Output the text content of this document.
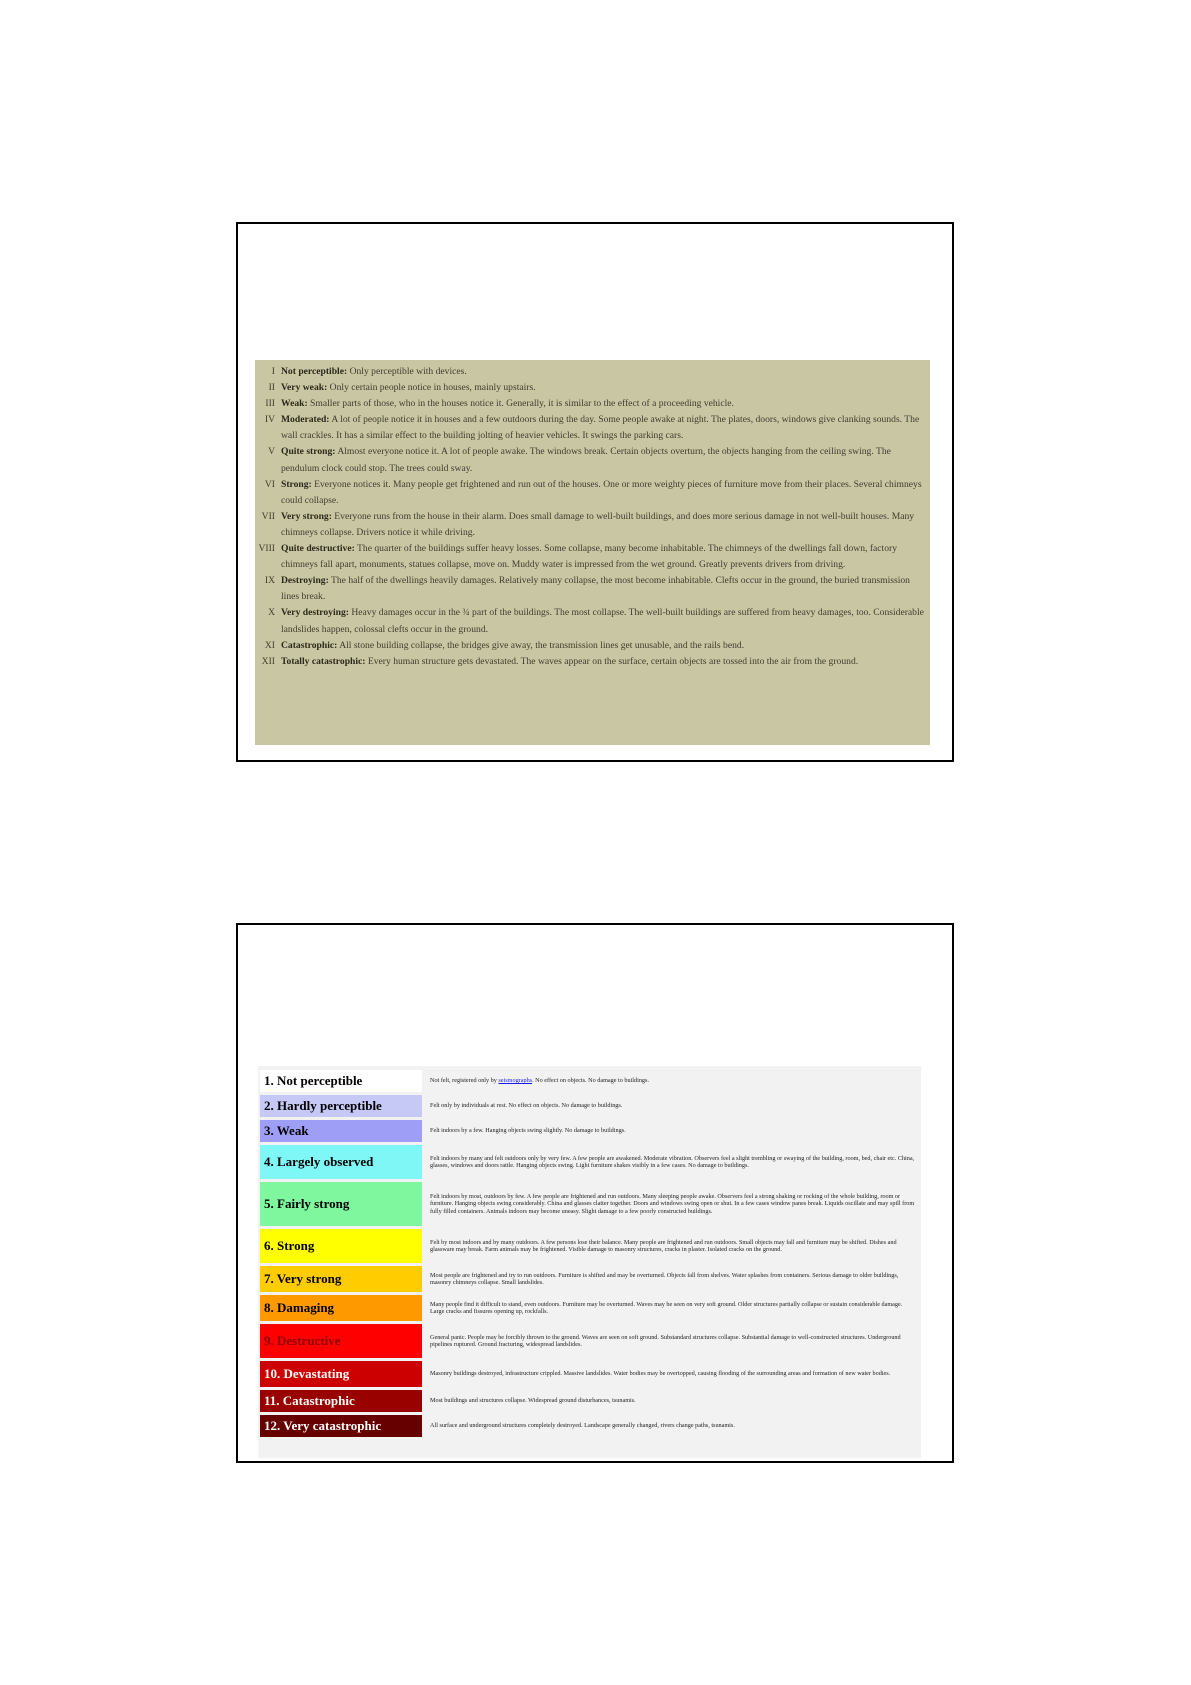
I Not perceptible: Only perceptible with devices.
II Very weak: Only certain people notice in houses, mainly upstairs.
III Weak: Smaller parts of those, who in the houses notice it. Generally, it is similar to the effect of a proceeding vehicle.
IV Moderated: A lot of people notice it in houses and a few outdoors during the day. Some people awake at night. The plates, doors, windows give clanking sounds. The wall crackles. It has a similar effect to the building jolting of heavier vehicles. It swings the parking cars.
V Quite strong: Almost everyone notice it. A lot of people awake. The windows break. Certain objects overturn, the objects hanging from the ceiling swing. The pendulum clock could stop. The trees could sway.
VI Strong: Everyone notices it. Many people get frightened and run out of the houses. One or more weighty pieces of furniture move from their places. Several chimneys could collapse.
VII Very strong: Everyone runs from the house in their alarm. Does small damage to well-built buildings, and does more serious damage in not well-built houses. Many chimneys collapse. Drivers notice it while driving.
VIII Quite destructive: The quarter of the buildings suffer heavy losses. Some collapse, many become inhabitable. The chimneys of the dwellings fall down, factory chimneys fall apart, monuments, statues collapse, move on. Muddy water is impressed from the wet ground. Greatly prevents drivers from driving.
IX Destroying: The half of the dwellings heavily damages. Relatively many collapse, the most become inhabitable. Clefts occur in the ground, the buried transmission lines break.
X Very destroying: Heavy damages occur in the ¾ part of the buildings. The most collapse. The well-built buildings are suffered from heavy damages, too. Considerable landslides happen, colossal clefts occur in the ground.
XI Catastrophic: All stone building collapse, the bridges give away, the transmission lines get unusable, and the rails bend.
XII Totally catastrophic: Every human structure gets devastated. The waves appear on the surface, certain objects are tossed into the air from the ground.
1. Not perceptible	Not felt, registered only by seismographs. No effect on objects. No damage to buildings.
2. Hardly perceptible	Felt only by individuals at rest. No effect on objects. No damage to buildings.
3. Weak	Felt indoors by a few. Hanging objects swing slightly. No damage to buildings.
4. Largely observed	Felt indoors by many and felt outdoors only by very few. A few people are awakened. Moderate vibration. Observers feel a slight trembling or swaying of the building, room, bed, chair etc. China, glasses, windows and doors rattle. Hanging objects swing. Light furniture shakes visibly in a few cases. No damage to buildings.
5. Fairly strong	Felt indoors by most, outdoors by few. A few people are frightened and run outdoors. Many sleeping people awake. Observers feel a strong shaking or rocking of the whole building, room or furniture. Hanging objects swing considerably. China and glasses clatter together. Doors and windows swing open or shut. In a few cases window panes break. Liquids oscillate and may spill from fully filled containers. Animals indoors may become uneasy. Slight damage to a few poorly constructed buildings.
6. Strong	Felt by most indoors and by many outdoors. A few persons lose their balance. Many people are frightened and run outdoors. Small objects may fall and furniture may be shifted. Dishes and glassware may break. Farm animals may be frightened. Visible damage to masonry structures, cracks in plaster. Isolated cracks on the ground.
7. Very strong	Most people are frightened and try to run outdoors. Furniture is shifted and may be overturned. Objects fall from shelves. Water splashes from containers. Serious damage to older buildings, masonry chimneys collapse. Small landslides.
8. Damaging	Many people find it difficult to stand, even outdoors. Furniture may be overturned. Waves may be seen on very soft ground. Older structures partially collapse or sustain considerable damage. Large cracks and fissures opening up, rockfalls.
9. Destructive	General panic. People may be forcibly thrown to the ground. Waves are seen on soft ground. Substandard structures collapse. Substantial damage to well-constructed structures. Underground pipelines ruptured. Ground fracturing, widespread landslides.
10. Devastating	Masonry buildings destroyed, infrastructure crippled. Massive landslides. Water bodies may be overtopped, causing flooding of the surrounding areas and formation of new water bodies.
11. Catastrophic	Most buildings and structures collapse. Widespread ground disturbances, tsunamis.
12. Very catastrophic	All surface and underground structures completely destroyed. Landscape generally changed, rivers change paths, tsunamis.
